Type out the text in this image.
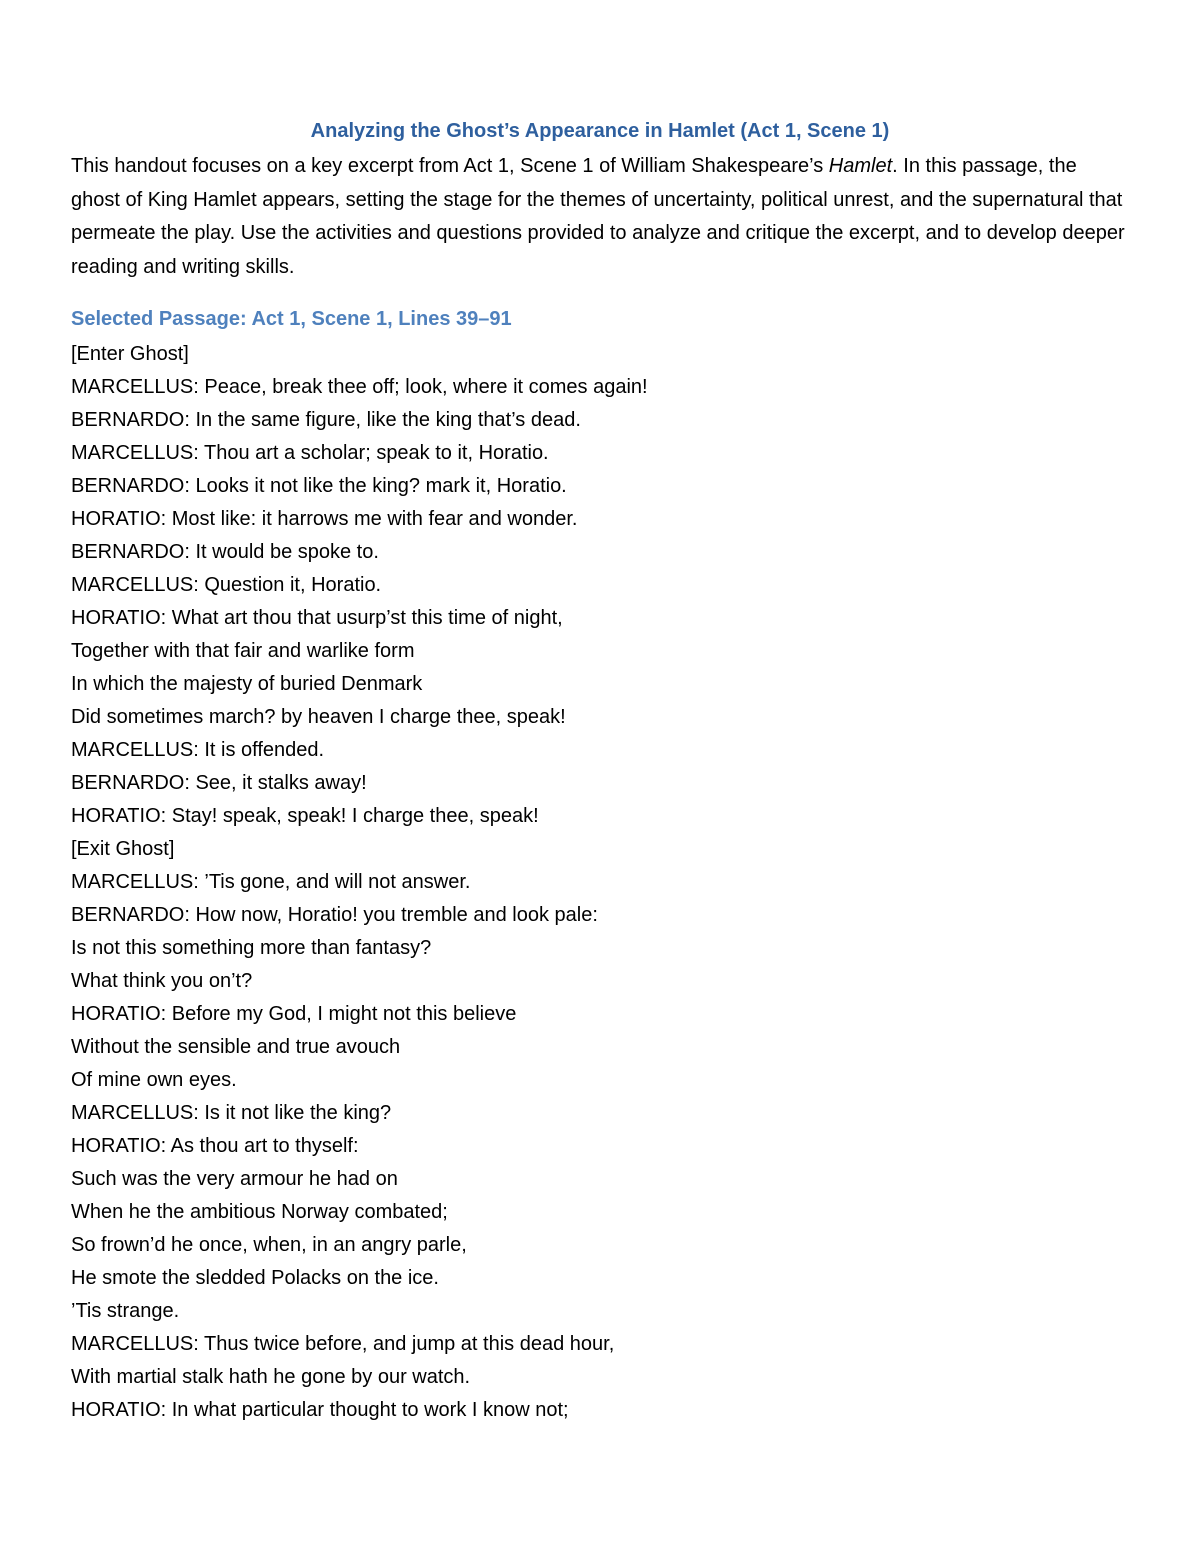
Analyzing the Ghost’s Appearance in Hamlet (Act 1, Scene 1)

This handout focuses on a key excerpt from Act 1, Scene 1 of William Shakespeare’s Hamlet. In this passage, the ghost of King Hamlet appears, setting the stage for the themes of uncertainty, political unrest, and the supernatural that permeate the play. Use the activities and questions provided to analyze and critique the excerpt, and to develop deeper reading and writing skills.

Selected Passage: Act 1, Scene 1, Lines 39–91
[Enter Ghost]
MARCELLUS: Peace, break thee off; look, where it comes again!
BERNARDO: In the same figure, like the king that’s dead.
MARCELLUS: Thou art a scholar; speak to it, Horatio.
BERNARDO: Looks it not like the king? mark it, Horatio.
HORATIO: Most like: it harrows me with fear and wonder.
BERNARDO: It would be spoke to.
MARCELLUS: Question it, Horatio.
HORATIO: What art thou that usurp’st this time of night,
Together with that fair and warlike form
In which the majesty of buried Denmark
Did sometimes march? by heaven I charge thee, speak!
MARCELLUS: It is offended.
BERNARDO: See, it stalks away!
HORATIO: Stay! speak, speak! I charge thee, speak!
[Exit Ghost]
MARCELLUS: ’Tis gone, and will not answer.
BERNARDO: How now, Horatio! you tremble and look pale:
Is not this something more than fantasy?
What think you on’t?
HORATIO: Before my God, I might not this believe
Without the sensible and true avouch
Of mine own eyes.
MARCELLUS: Is it not like the king?
HORATIO: As thou art to thyself:
Such was the very armour he had on
When he the ambitious Norway combated;
So frown’d he once, when, in an angry parle,
He smote the sledded Polacks on the ice.
’Tis strange.
MARCELLUS: Thus twice before, and jump at this dead hour,
With martial stalk hath he gone by our watch.
HORATIO: In what particular thought to work I know not;
